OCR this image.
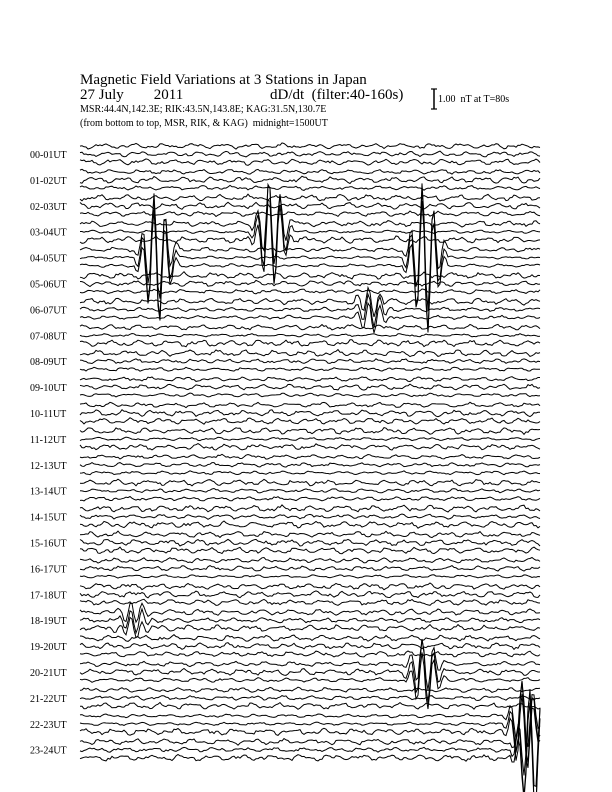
Magnetic Field Variations at 3 Stations in Japan
27 July        2011	dD/dt  (filter:40-160s)
MSR:44.4N,142.3E; RIK:43.5N,143.8E; KAG:31.5N,130.7E
(from bottom to top, MSR, RIK, & KAG)  midnight=1500UT
1.00  nT at T=80s
00-01UT
01-02UT
02-03UT
03-04UT
04-05UT
05-06UT
06-07UT
07-08UT
08-09UT
09-10UT
10-11UT
11-12UT
12-13UT
13-14UT
14-15UT
15-16UT
16-17UT
17-18UT
18-19UT
19-20UT
20-21UT
21-22UT
22-23UT
23-24UT
